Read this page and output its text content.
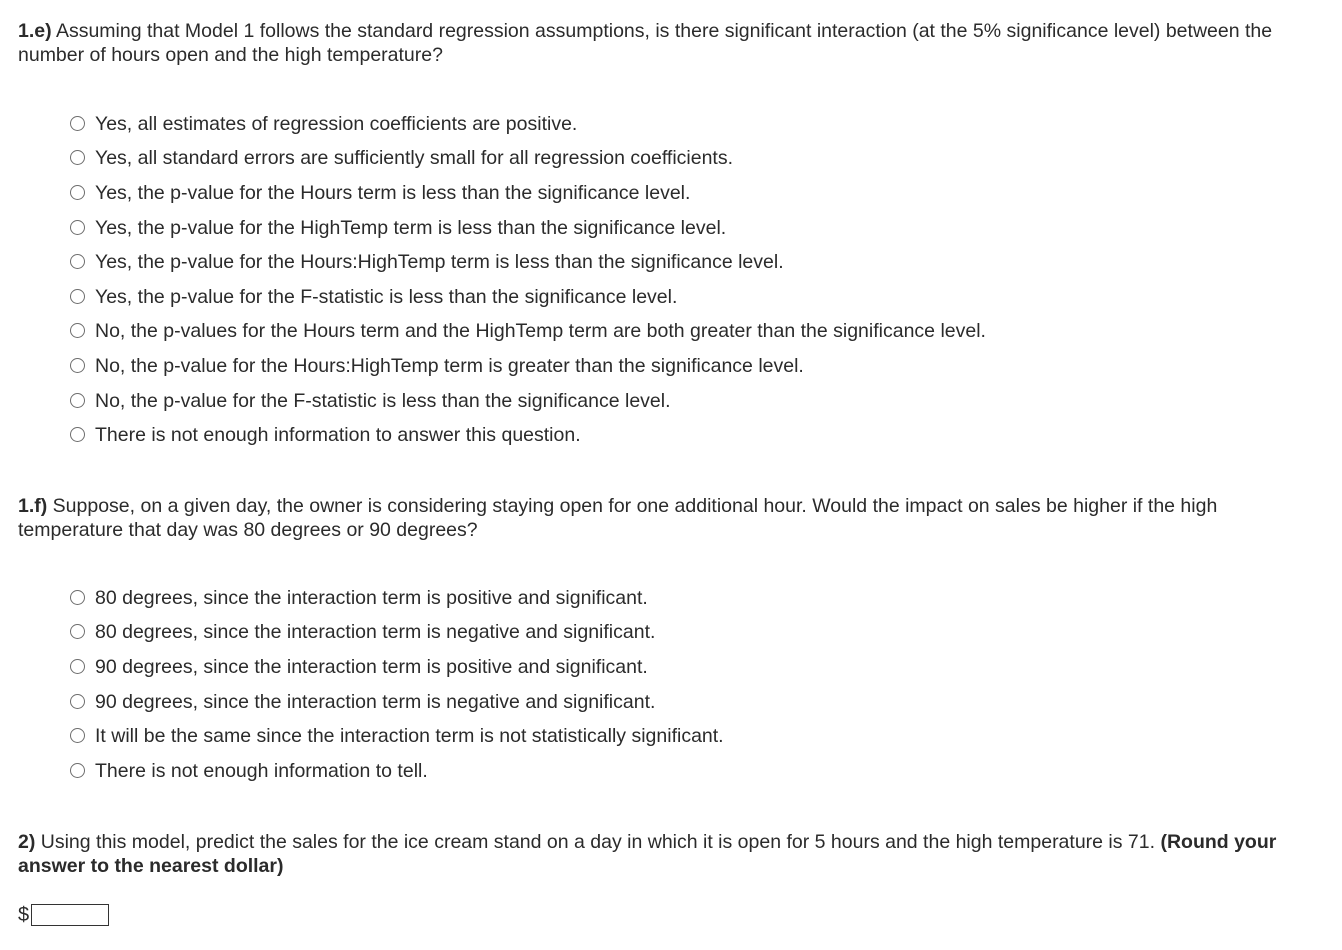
1.e) Assuming that Model 1 follows the standard regression assumptions, is there significant interaction (at the 5% significance level) between the number of hours open and the high temperature?
Yes, all estimates of regression coefficients are positive.
Yes, all standard errors are sufficiently small for all regression coefficients.
Yes, the p-value for the Hours term is less than the significance level.
Yes, the p-value for the HighTemp term is less than the significance level.
Yes, the p-value for the Hours:HighTemp term is less than the significance level.
Yes, the p-value for the F-statistic is less than the significance level.
No, the p-values for the Hours term and the HighTemp term are both greater than the significance level.
No, the p-value for the Hours:HighTemp term is greater than the significance level.
No, the p-value for the F-statistic is less than the significance level.
There is not enough information to answer this question.
1.f) Suppose, on a given day, the owner is considering staying open for one additional hour. Would the impact on sales be higher if the high temperature that day was 80 degrees or 90 degrees?
80 degrees, since the interaction term is positive and significant.
80 degrees, since the interaction term is negative and significant.
90 degrees, since the interaction term is positive and significant.
90 degrees, since the interaction term is negative and significant.
It will be the same since the interaction term is not statistically significant.
There is not enough information to tell.
2) Using this model, predict the sales for the ice cream stand on a day in which it is open for 5 hours and the high temperature is 71. (Round your answer to the nearest dollar)
$
